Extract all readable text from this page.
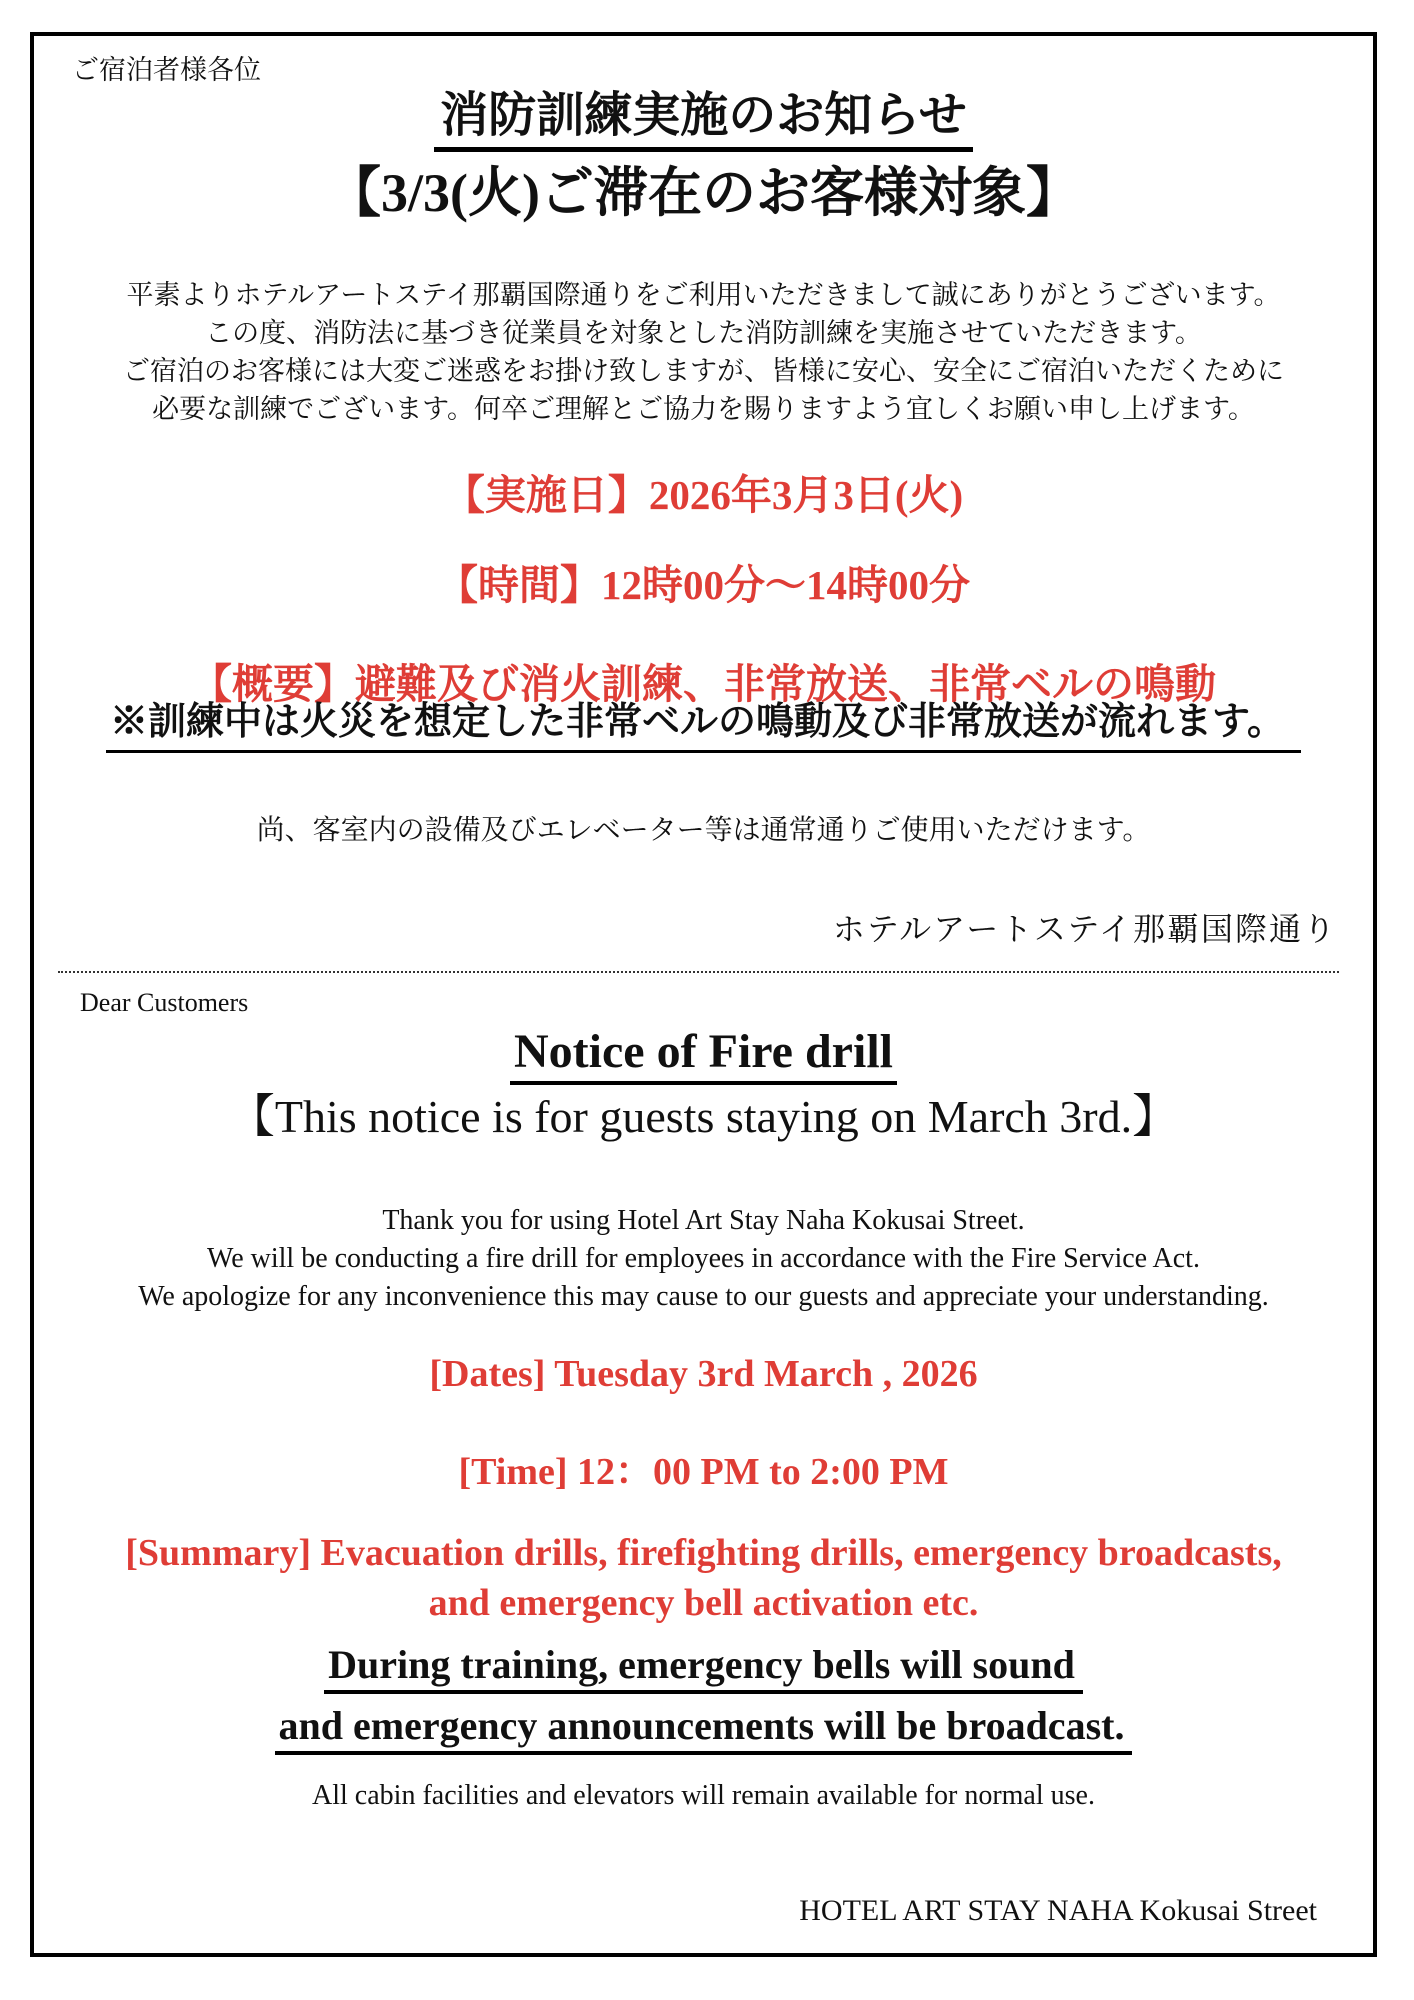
ご宿泊者様各位
消防訓練実施のお知らせ
【3/3(火)ご滞在のお客様対象】
平素よりホテルアートステイ那覇国際通りをご利用いただきまして誠にありがとうございます。
この度、消防法に基づき従業員を対象とした消防訓練を実施させていただきます。
ご宿泊のお客様には大変ご迷惑をお掛け致しますが、皆様に安心、安全にご宿泊いただくために
必要な訓練でございます。何卒ご理解とご協力を賜りますよう宜しくお願い申し上げます。
【実施日】2026年3月3日(火)
【時間】12時00分～14時00分
【概要】避難及び消火訓練、非常放送、非常ベルの鳴動
※訓練中は火災を想定した非常ベルの鳴動及び非常放送が流れます。
尚、客室内の設備及びエレベーター等は通常通りご使用いただけます。
ホテルアートステイ那覇国際通り
Dear Customers
Notice of Fire drill
【This notice is for guests staying on March 3rd.】
Thank you for using Hotel Art Stay Naha Kokusai Street.
We will be conducting a fire drill for employees in accordance with the Fire Service Act.
We apologize for any inconvenience this may cause to our guests and appreciate your understanding.
[Dates] Tuesday 3rd March , 2026
[Time] 12：00 PM to 2:00 PM
[Summary] Evacuation drills, firefighting drills, emergency broadcasts,
and emergency bell activation etc.
During training, emergency bells will sound
and emergency announcements will be broadcast.
All cabin facilities and elevators will remain available for normal use.
HOTEL ART STAY NAHA Kokusai Street
